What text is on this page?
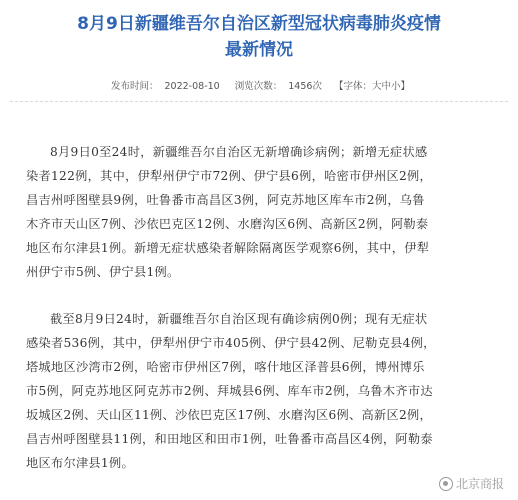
8月9日新疆维吾尔自治区新型冠状病毒肺炎疫情
最新情况
发布时间： 2022-08-10 浏览次数： 1456次 【字体：大中小】
8月9日0至24时，新疆维吾尔自治区无新增确诊病例；新增无症状感
染者122例，其中，伊犁州伊宁市72例、伊宁县6例，哈密市伊州区2例，
昌吉州呼图壁县9例，吐鲁番市高昌区3例，阿克苏地区库车市2例，乌鲁
木齐市天山区7例、沙依巴克区12例、水磨沟区6例、高新区2例，阿勒泰
地区布尔津县1例。新增无症状感染者解除隔离医学观察6例，其中，伊犁
州伊宁市5例、伊宁县1例。
截至8月9日24时，新疆维吾尔自治区现有确诊病例0例；现有无症状
感染者536例，其中，伊犁州伊宁市405例、伊宁县42例、尼勒克县4例，
塔城地区沙湾市2例，哈密市伊州区7例，喀什地区泽普县6例，博州博乐
市5例，阿克苏地区阿克苏市2例、拜城县6例、库车市2例，乌鲁木齐市达
坂城区2例、天山区11例、沙依巴克区17例、水磨沟区6例、高新区2例，
昌吉州呼图壁县11例，和田地区和田市1例，吐鲁番市高昌区4例，阿勒泰
地区布尔津县1例。
北京商报
